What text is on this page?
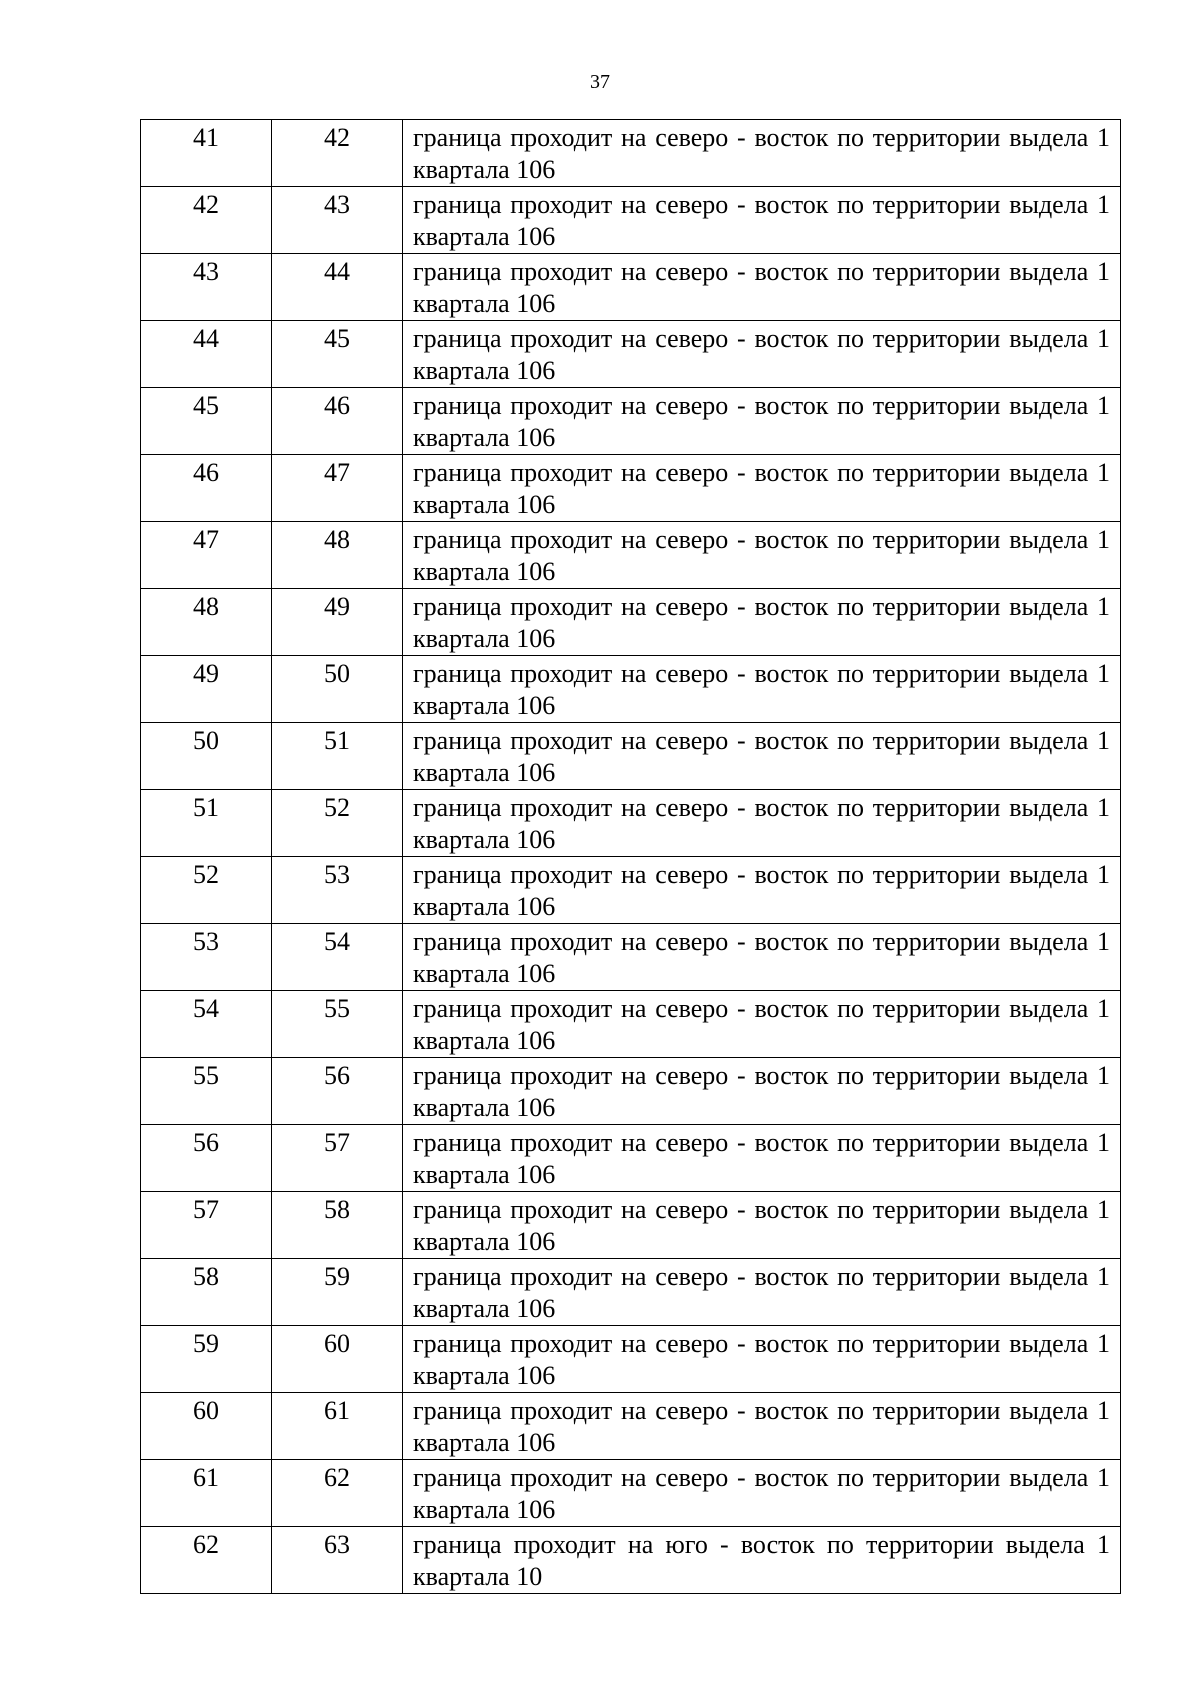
37
41	42	граница проходит на северо - восток по территории выдела 1 квартала 106
42	43	граница проходит на северо - восток по территории выдела 1 квартала 106
43	44	граница проходит на северо - восток по территории выдела 1 квартала 106
44	45	граница проходит на северо - восток по территории выдела 1 квартала 106
45	46	граница проходит на северо - восток по территории выдела 1 квартала 106
46	47	граница проходит на северо - восток по территории выдела 1 квартала 106
47	48	граница проходит на северо - восток по территории выдела 1 квартала 106
48	49	граница проходит на северо - восток по территории выдела 1 квартала 106
49	50	граница проходит на северо - восток по территории выдела 1 квартала 106
50	51	граница проходит на северо - восток по территории выдела 1 квартала 106
51	52	граница проходит на северо - восток по территории выдела 1 квартала 106
52	53	граница проходит на северо - восток по территории выдела 1 квартала 106
53	54	граница проходит на северо - восток по территории выдела 1 квартала 106
54	55	граница проходит на северо - восток по территории выдела 1 квартала 106
55	56	граница проходит на северо - восток по территории выдела 1 квартала 106
56	57	граница проходит на северо - восток по территории выдела 1 квартала 106
57	58	граница проходит на северо - восток по территории выдела 1 квартала 106
58	59	граница проходит на северо - восток по территории выдела 1 квартала 106
59	60	граница проходит на северо - восток по территории выдела 1 квартала 106
60	61	граница проходит на северо - восток по территории выдела 1 квартала 106
61	62	граница проходит на северо - восток по территории выдела 1 квартала 106
62	63	граница проходит на юго - восток по территории выдела 1 квартала 10
